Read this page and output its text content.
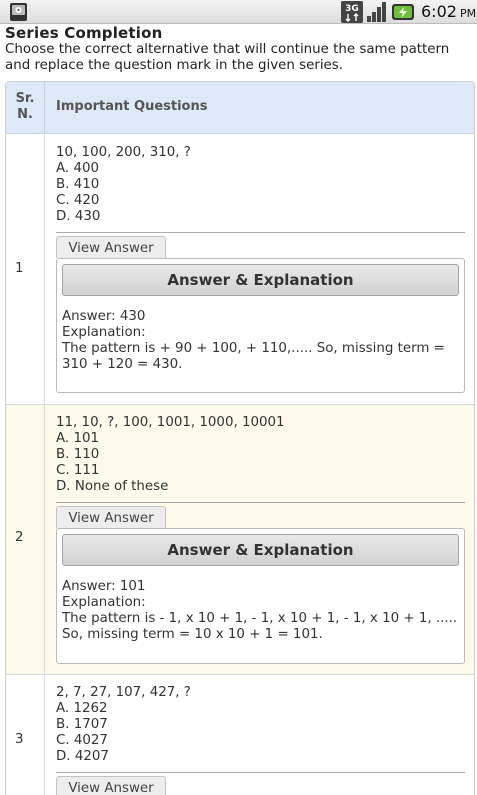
3G	6:02 PM
Series Completion
Choose the correct alternative that will continue the same pattern and replace the question mark in the given series.
Sr.
N.
Important Questions
1
10, 100, 200, 310, ?
A. 400
B. 410
C. 420
D. 430
View Answer
Answer & Explanation
Answer: 430
Explanation:
The pattern is + 90 + 100, + 110,..... So, missing term = 310 + 120 = 430.
2
11, 10, ?, 100, 1001, 1000, 10001
A. 101
B. 110
C. 111
D. None of these
View Answer
Answer & Explanation
Answer: 101
Explanation:
The pattern is - 1, x 10 + 1, - 1, x 10 + 1, - 1, x 10 + 1, ..... So, missing term = 10 x 10 + 1 = 101.
3
2, 7, 27, 107, 427, ?
A. 1262
B. 1707
C. 4027
D. 4207
View Answer
